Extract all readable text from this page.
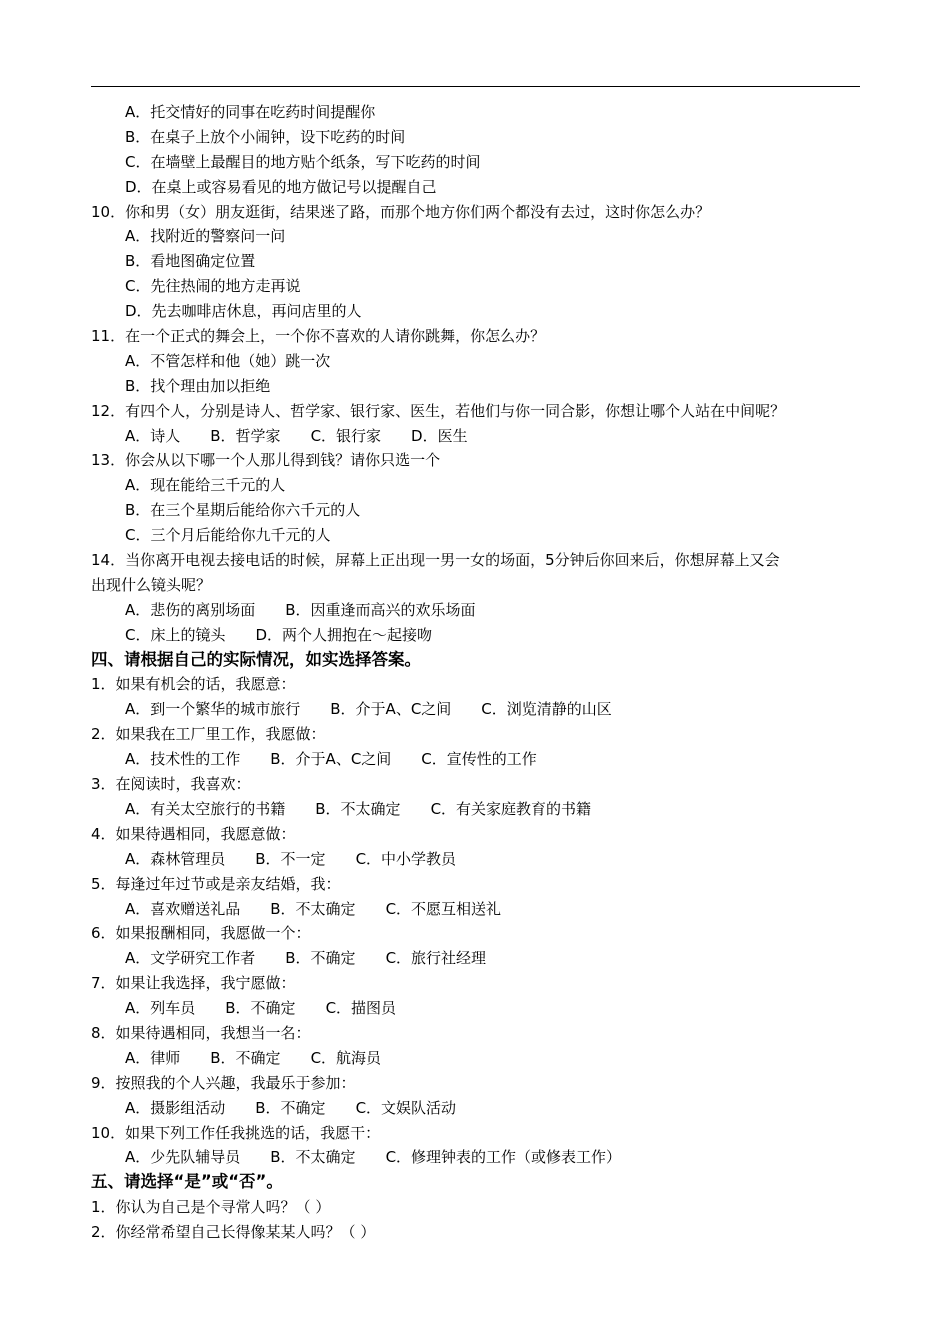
A．托交情好的同事在吃药时间提醒你
B．在桌子上放个小闹钟，设下吃药的时间
C．在墙壁上最醒目的地方贴个纸条，写下吃药的时间
D．在桌上或容易看见的地方做记号以提醒自己
10．你和男（女）朋友逛街，结果迷了路，而那个地方你们两个都没有去过，这时你怎么办？
A．找附近的警察问一问
B．看地图确定位置
C．先往热闹的地方走再说
D．先去咖啡店休息，再问店里的人
11．在一个正式的舞会上，一个你不喜欢的人请你跳舞，你怎么办？
A．不管怎样和他（她）跳一次
B．找个理由加以拒绝
12．有四个人，分别是诗人、哲学家、银行家、医生，若他们与你一同合影，你想让哪个人站在中间呢？
A．诗人 B．哲学家 C．银行家 D．医生
13．你会从以下哪一个人那儿得到钱？请你只选一个
A．现在能给三千元的人
B．在三个星期后能给你六千元的人
C．三个月后能给你九千元的人
14．当你离开电视去接电话的时候，屏幕上正出现一男一女的场面，5分钟后你回来后，你想屏幕上又会
出现什么镜头呢？
A．悲伤的离别场面 B．因重逢而高兴的欢乐场面
C．床上的镜头 D．两个人拥抱在～起接吻
四、请根据自己的实际情况，如实选择答案。
1．如果有机会的话，我愿意：
A．到一个繁华的城市旅行 B．介于A、C之间 C．浏览清静的山区
2．如果我在工厂里工作，我愿做：
A．技术性的工作 B．介于A、C之间 C．宣传性的工作
3．在阅读时，我喜欢：
A．有关太空旅行的书籍 B．不太确定 C．有关家庭教育的书籍
4．如果待遇相同，我愿意做：
A．森林管理员 B．不一定 C．中小学教员
5．每逢过年过节或是亲友结婚，我：
A．喜欢赠送礼品 B．不太确定 C．不愿互相送礼
6．如果报酬相同，我愿做一个：
A．文学研究工作者 B．不确定 C．旅行社经理
7．如果让我选择，我宁愿做：
A．列车员 B．不确定 C．描图员
8．如果待遇相同，我想当一名：
A．律师 B．不确定 C．航海员
9．按照我的个人兴趣，我最乐于参加：
A．摄影组活动 B．不确定 C．文娱队活动
10．如果下列工作任我挑选的话，我愿干：
A．少先队辅导员 B．不太确定 C．修理钟表的工作（或修表工作）
五、请选择“是”或“否”。
1．你认为自己是个寻常人吗？（ ）
2．你经常希望自己长得像某某人吗？（ ）
